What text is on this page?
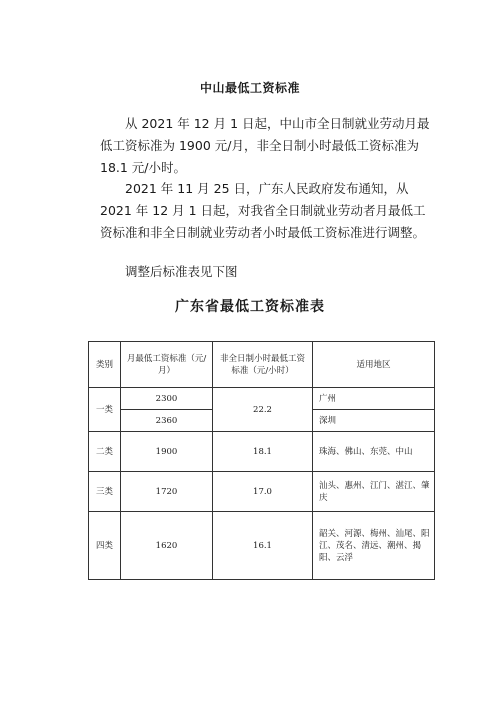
中山最低工资标准
从 2021 年 12 月 1 日起，中山市全日制就业劳动月最低工资标准为 1900 元/月，非全日制小时最低工资标准为 18.1 元/小时。
2021 年 11 月 25 日，广东人民政府发布通知，从 2021 年 12 月 1 日起，对我省全日制就业劳动者月最低工资标准和非全日制就业劳动者小时最低工资标准进行调整。
调整后标准表见下图
广东省最低工资标准表
类别	月最低工资标准（元/月）	非全日制小时最低工资标准（元/小时）	适用地区
一类	2300	22.2	广州
	2360		深圳
二类	1900	18.1	珠海、佛山、东莞、中山
三类	1720	17.0	汕头、惠州、江门、湛江、肇庆
四类	1620	16.1	韶关、河源、梅州、汕尾、阳江、茂名、清远、潮州、揭阳、云浮
